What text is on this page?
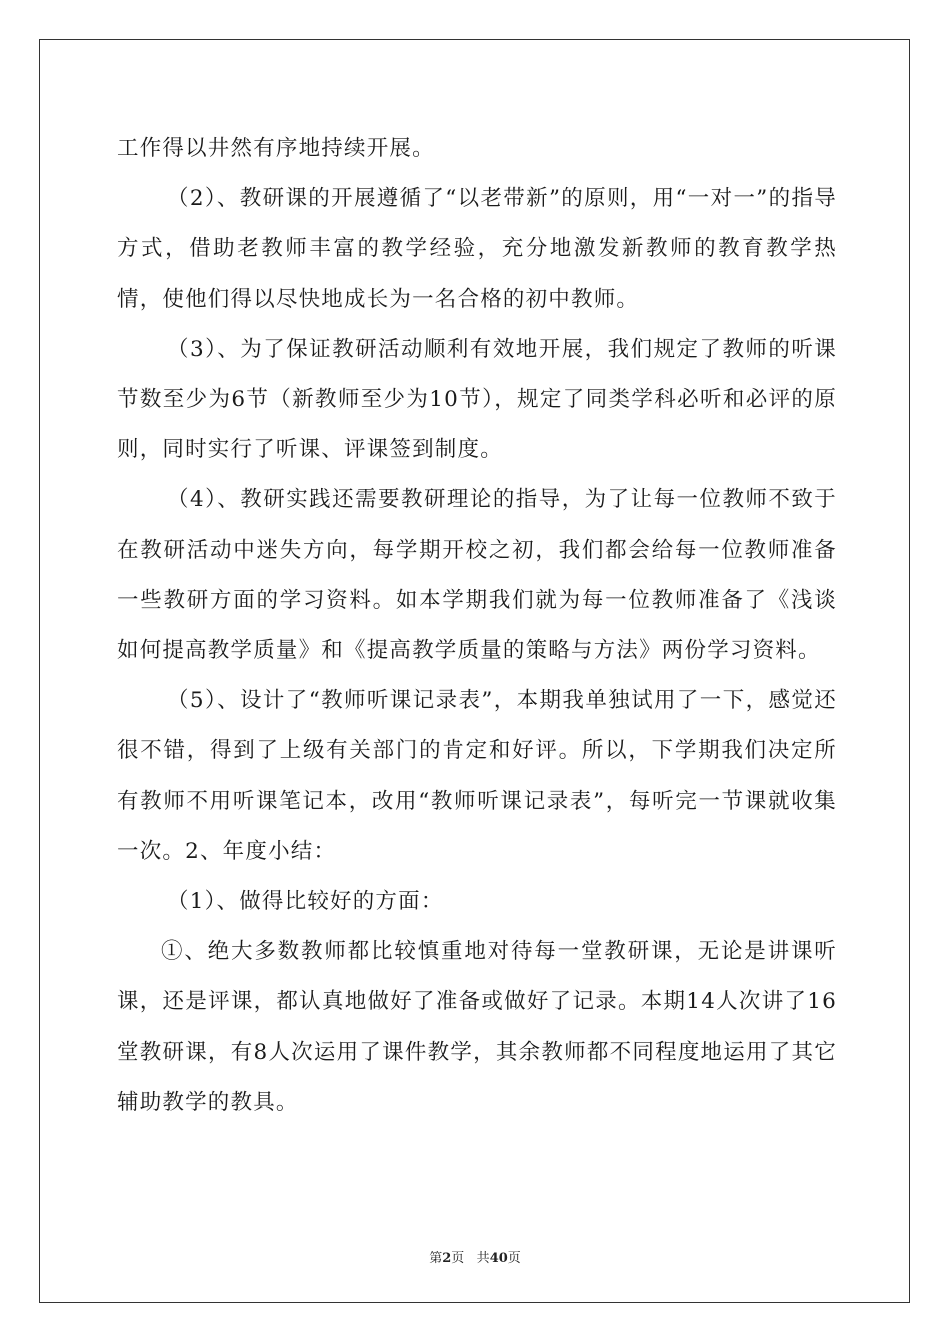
工作得以井然有序地持续开展。

（2）、教研课的开展遵循了“以老带新”的原则，用“一对一”的指导方式，借助老教师丰富的教学经验，充分地激发新教师的教育教学热情，使他们得以尽快地成长为一名合格的初中教师。

（3）、为了保证教研活动顺利有效地开展，我们规定了教师的听课节数至少为6节（新教师至少为10节），规定了同类学科必听和必评的原则，同时实行了听课、评课签到制度。

（4）、教研实践还需要教研理论的指导，为了让每一位教师不致于在教研活动中迷失方向，每学期开校之初，我们都会给每一位教师准备一些教研方面的学习资料。如本学期我们就为每一位教师准备了《浅谈如何提高教学质量》和《提高教学质量的策略与方法》两份学习资料。

（5）、设计了“教师听课记录表”，本期我单独试用了一下，感觉还很不错，得到了上级有关部门的肯定和好评。所以，下学期我们决定所有教师不用听课笔记本，改用“教师听课记录表”，每听完一节课就收集一次。2、年度小结：

（1）、做得比较好的方面：

①、绝大多数教师都比较慎重地对待每一堂教研课，无论是讲课听课，还是评课，都认真地做好了准备或做好了记录。本期14人次讲了16堂教研课，有8人次运用了课件教学，其余教师都不同程度地运用了其它辅助教学的教具。

第2页 共40页
